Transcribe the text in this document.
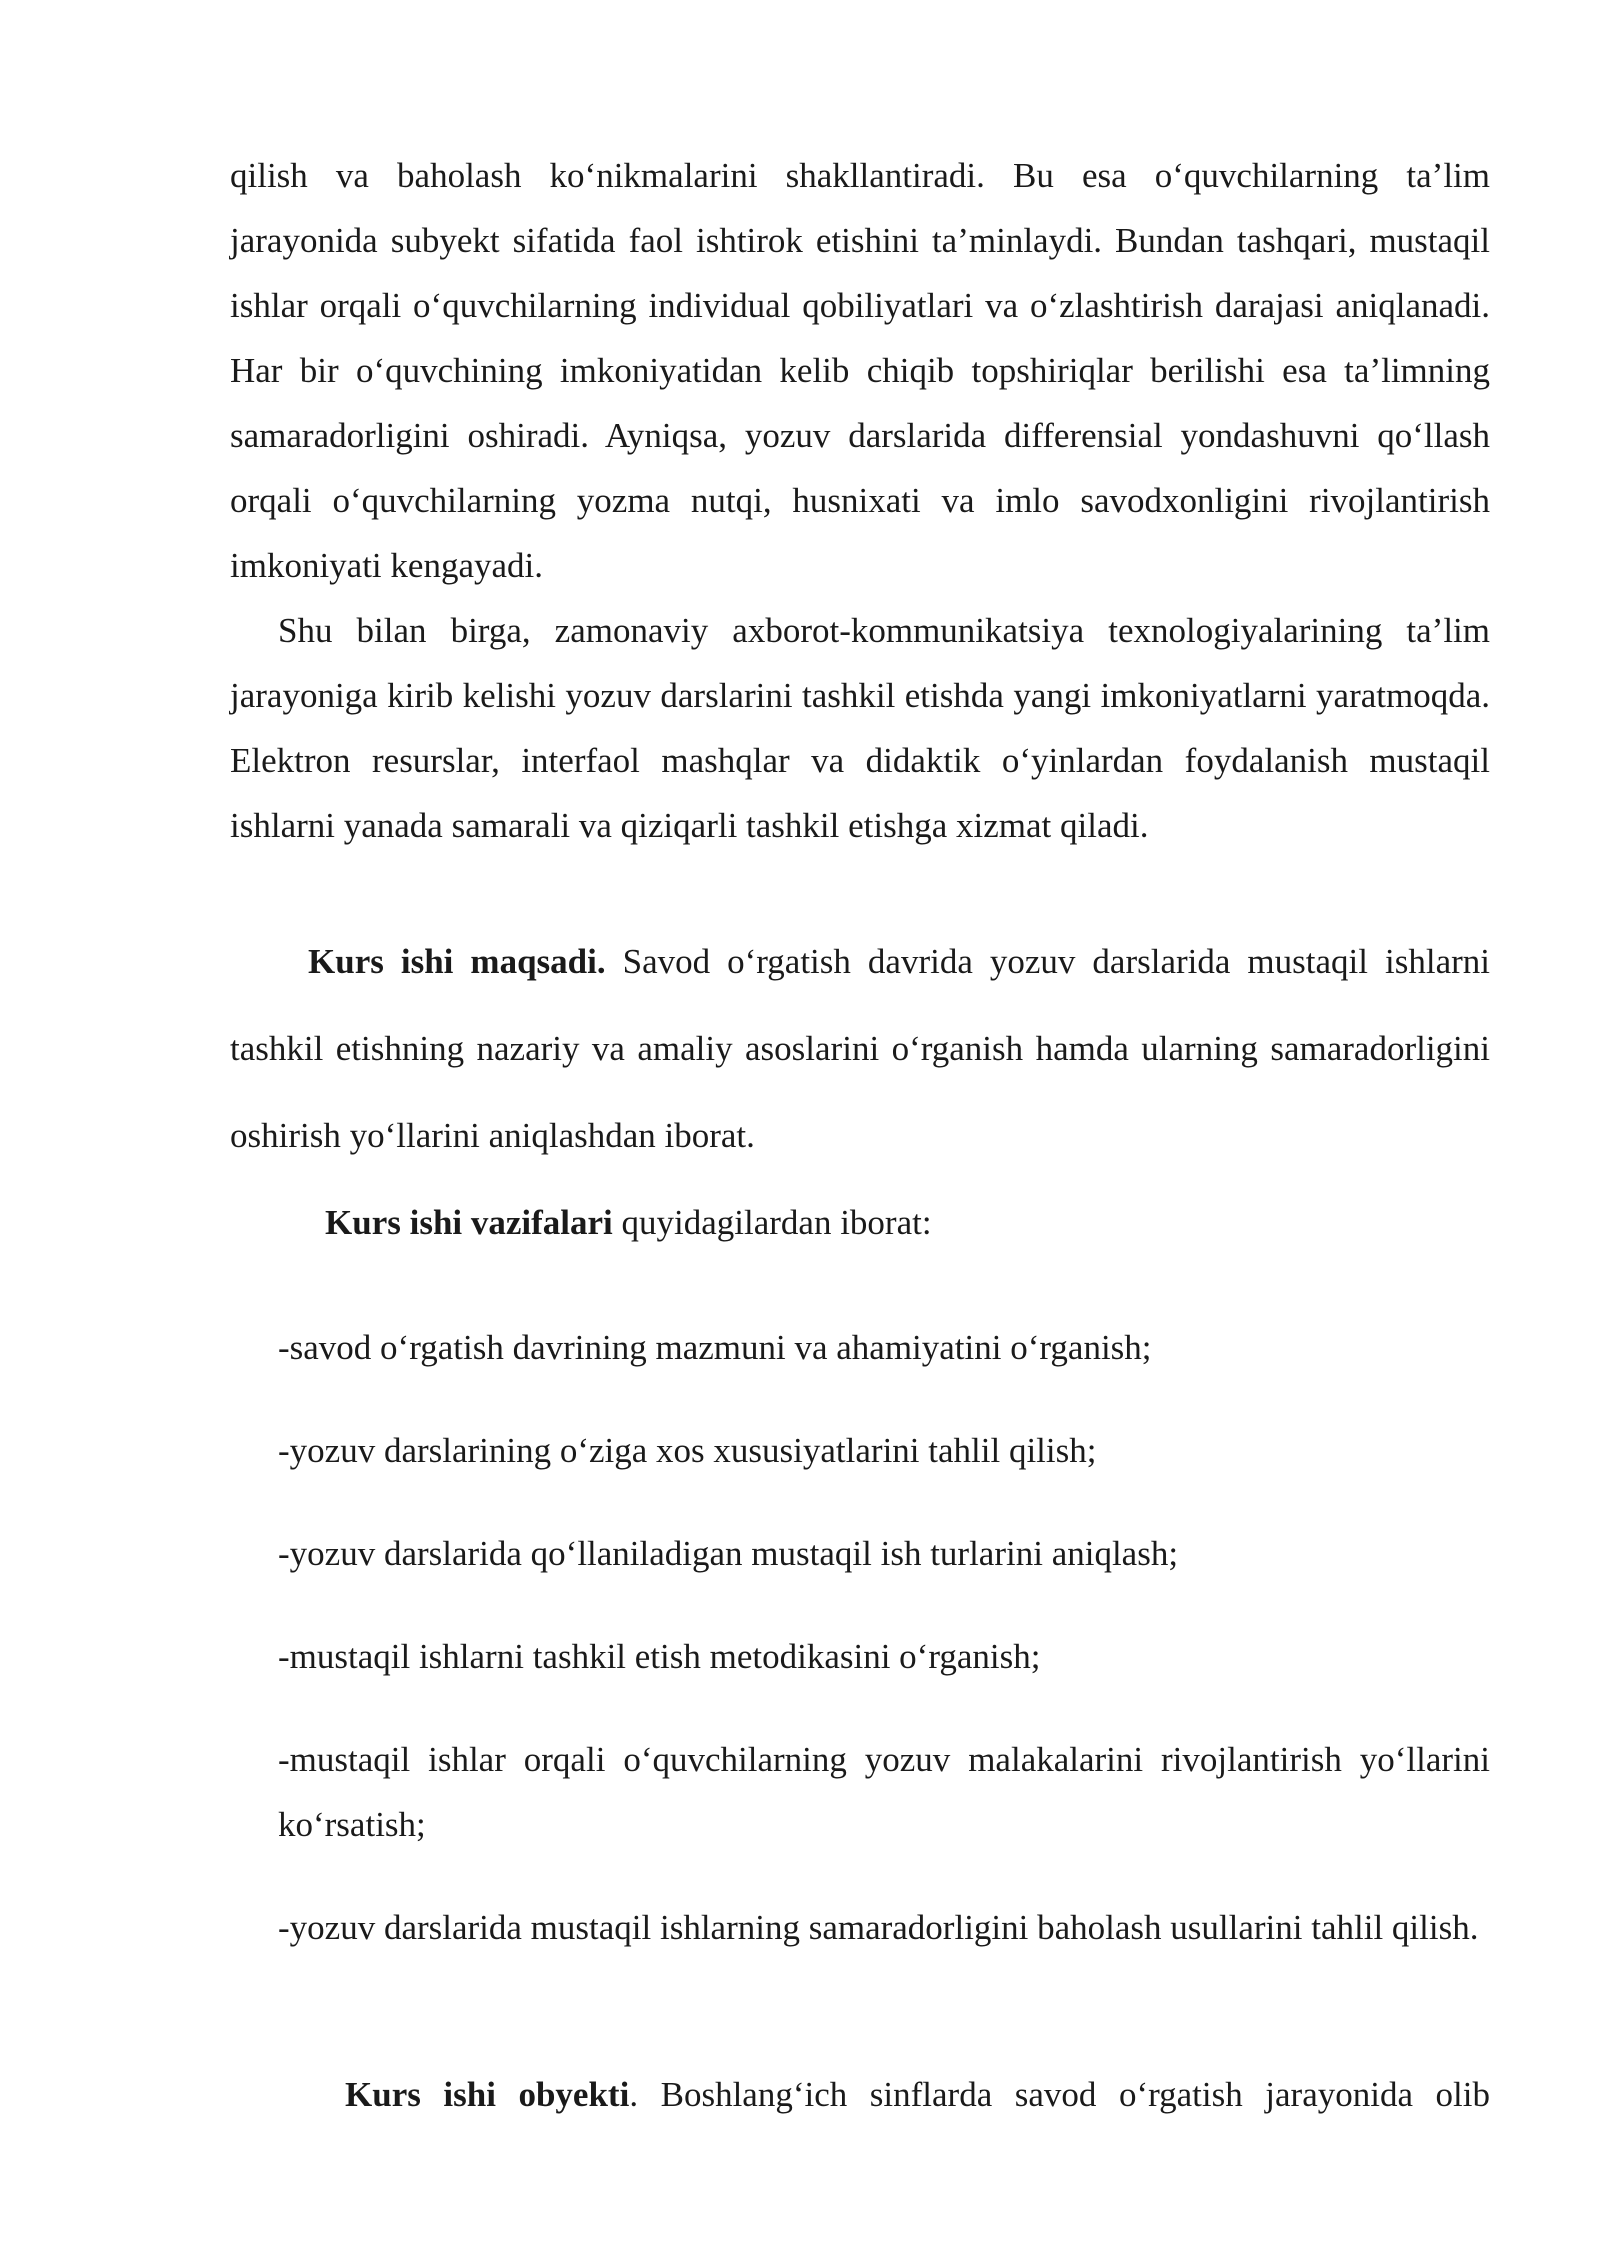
qilish va baholash ko‘nikmalarini shakllantiradi. Bu esa o‘quvchilarning ta’lim jarayonida subyekt sifatida faol ishtirok etishini ta’minlaydi. Bundan tashqari, mustaqil ishlar orqali o‘quvchilarning individual qobiliyatlari va o‘zlashtirish darajasi aniqlanadi. Har bir o‘quvchining imkoniyatidan kelib chiqib topshiriqlar berilishi esa ta’limning samaradorligini oshiradi. Ayniqsa, yozuv darslarida differensial yondashuvni qo‘llash orqali o‘quvchilarning yozma nutqi, husnixati va imlo savodxonligini rivojlantirish imkoniyati kengayadi.

Shu bilan birga, zamonaviy axborot-kommunikatsiya texnologiyalarining ta’lim jarayoniga kirib kelishi yozuv darslarini tashkil etishda yangi imkoniyatlarni yaratmoqda. Elektron resurslar, interfaol mashqlar va didaktik o‘yinlardan foydalanish mustaqil ishlarni yanada samarali va qiziqarli tashkil etishga xizmat qiladi.

Kurs ishi maqsadi. Savod o‘rgatish davrida yozuv darslarida mustaqil ishlarni tashkil etishning nazariy va amaliy asoslarini o‘rganish hamda ularning samaradorligini oshirish yo‘llarini aniqlashdan iborat.

Kurs ishi vazifalari quyidagilardan iborat:

-savod o‘rgatish davrining mazmuni va ahamiyatini o‘rganish;

-yozuv darslarining o‘ziga xos xususiyatlarini tahlil qilish;

-yozuv darslarida qo‘llaniladigan mustaqil ish turlarini aniqlash;

-mustaqil ishlarni tashkil etish metodikasini o‘rganish;

-mustaqil ishlar orqali o‘quvchilarning yozuv malakalarini rivojlantirish yo‘llarini ko‘rsatish;

-yozuv darslarida mustaqil ishlarning samaradorligini baholash usullarini tahlil qilish.

Kurs ishi obyekti. Boshlang‘ich sinflarda savod o‘rgatish jarayonida olib
